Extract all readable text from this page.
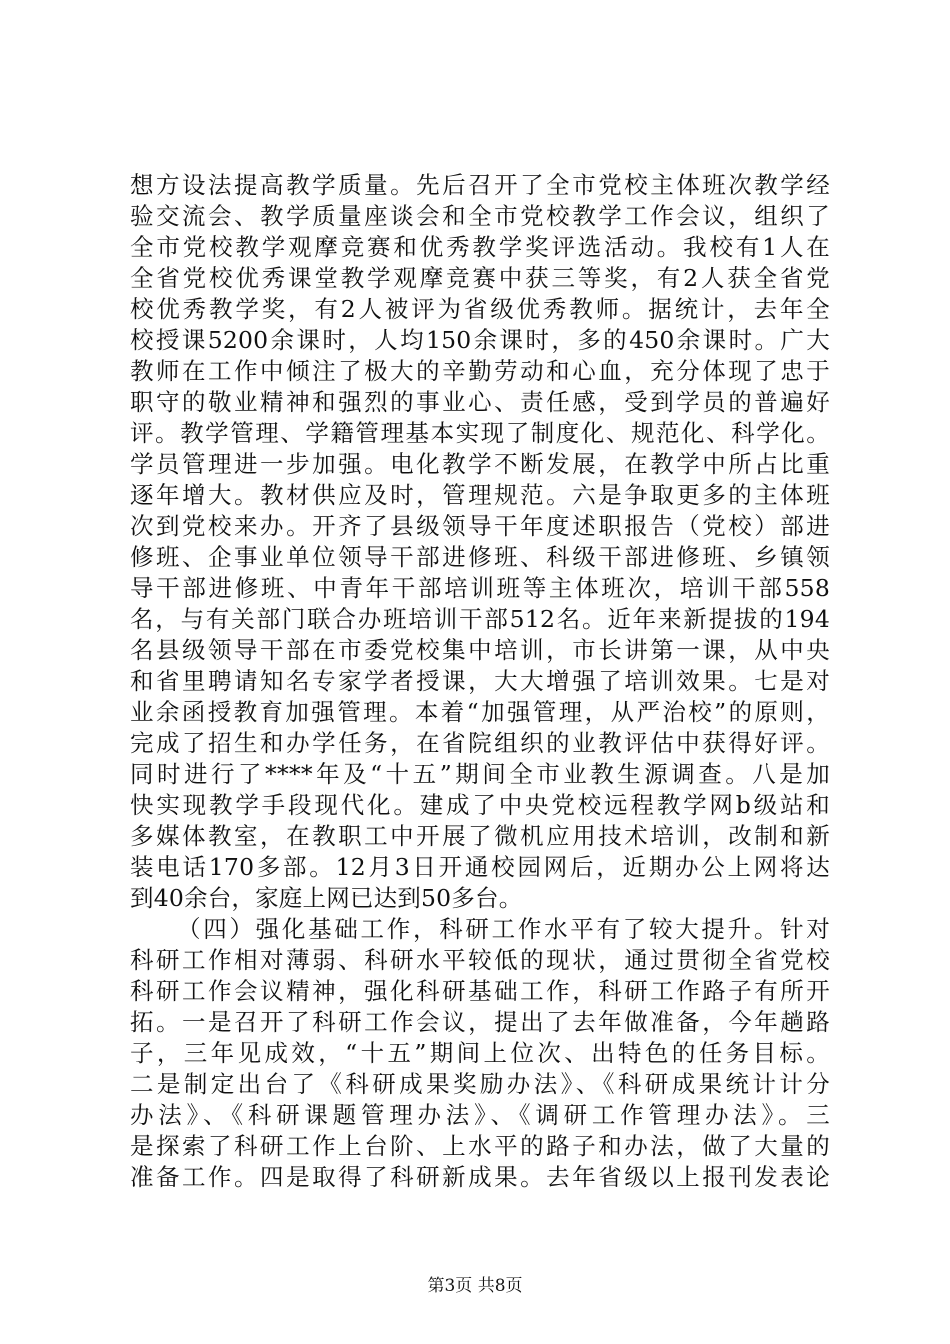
想方设法提高教学质量。先后召开了全市党校主体班次教学经
验交流会、教学质量座谈会和全市党校教学工作会议，组织了
全市党校教学观摩竞赛和优秀教学奖评选活动。我校有1人在
全省党校优秀课堂教学观摩竞赛中获三等奖，有2人获全省党
校优秀教学奖，有2人被评为省级优秀教师。据统计，去年全
校授课5200余课时，人均150余课时，多的450余课时。广大
教师在工作中倾注了极大的辛勤劳动和心血，充分体现了忠于
职守的敬业精神和强烈的事业心、责任感，受到学员的普遍好
评。教学管理、学籍管理基本实现了制度化、规范化、科学化。
学员管理进一步加强。电化教学不断发展，在教学中所占比重
逐年增大。教材供应及时，管理规范。六是争取更多的主体班
次到党校来办。开齐了县级领导干年度述职报告（党校）部进
修班、企事业单位领导干部进修班、科级干部进修班、乡镇领
导干部进修班、中青年干部培训班等主体班次，培训干部558
名，与有关部门联合办班培训干部512名。近年来新提拔的194
名县级领导干部在市委党校集中培训，市长讲第一课，从中央
和省里聘请知名专家学者授课，大大增强了培训效果。七是对
业余函授教育加强管理。本着“加强管理，从严治校”的原则，
完成了招生和办学任务，在省院组织的业教评估中获得好评。
同时进行了****年及“十五”期间全市业教生源调查。八是加
快实现教学手段现代化。建成了中央党校远程教学网b级站和
多媒体教室，在教职工中开展了微机应用技术培训，改制和新
装电话170多部。12月3日开通校园网后，近期办公上网将达
到40余台，家庭上网已达到50多台。
（四）强化基础工作，科研工作水平有了较大提升。针对
科研工作相对薄弱、科研水平较低的现状，通过贯彻全省党校
科研工作会议精神，强化科研基础工作，科研工作路子有所开
拓。一是召开了科研工作会议，提出了去年做准备，今年趟路
子，三年见成效，“十五”期间上位次、出特色的任务目标。
二是制定出台了《科研成果奖励办法》、《科研成果统计计分
办法》、《科研课题管理办法》、《调研工作管理办法》。三
是探索了科研工作上台阶、上水平的路子和办法，做了大量的
准备工作。四是取得了科研新成果。去年省级以上报刊发表论
第3页 共8页
